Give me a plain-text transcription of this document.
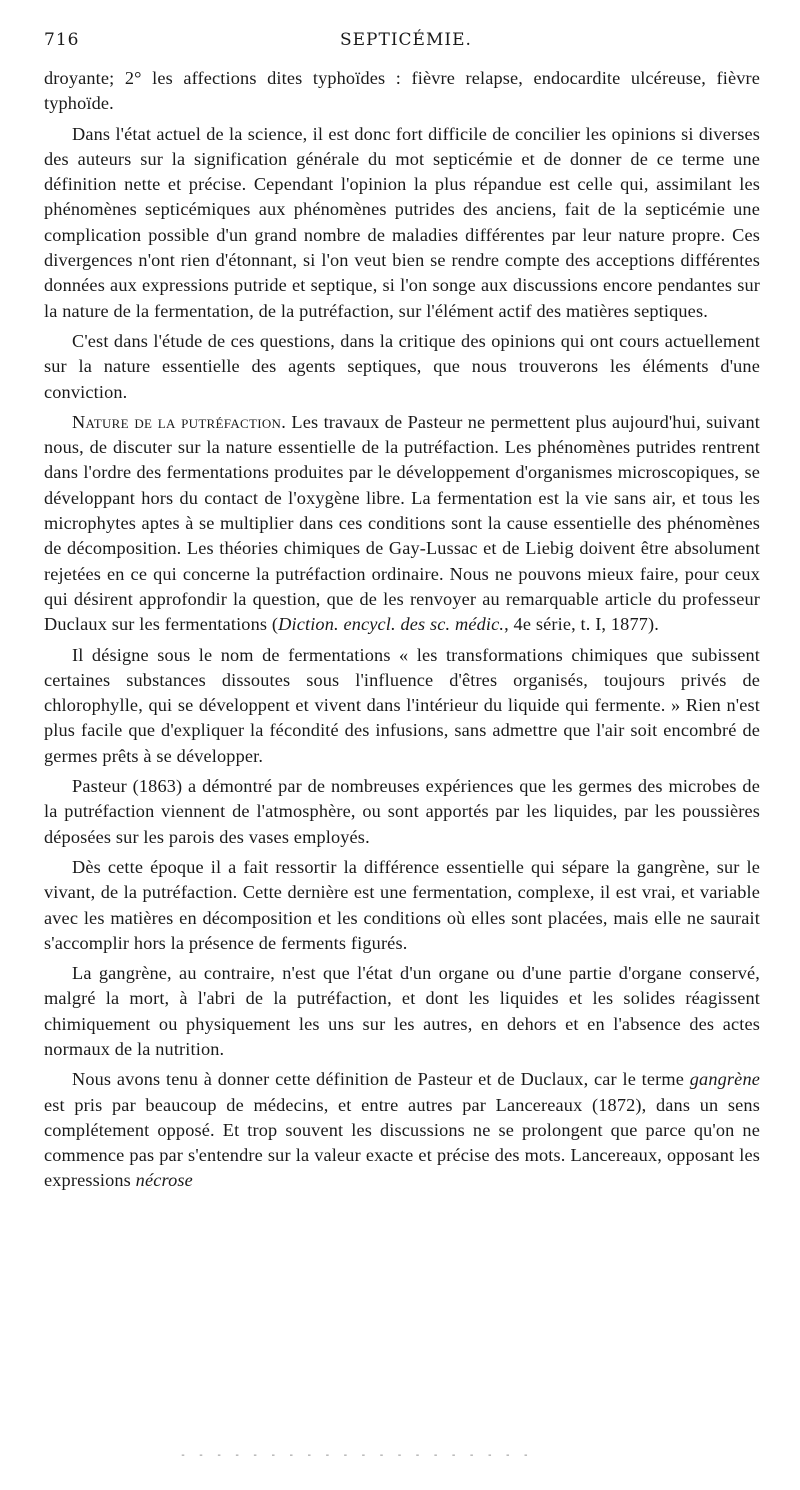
716	SEPTICÉMIE.

droyante; 2° les affections dites typhoïdes : fièvre relapse, endocardite ulcéreuse, fièvre typhoïde.

Dans l'état actuel de la science, il est donc fort difficile de concilier les opinions si diverses des auteurs sur la signification générale du mot septicémie et de donner de ce terme une définition nette et précise. Cependant l'opinion la plus répandue est celle qui, assimilant les phénomènes septicémiques aux phénomènes putrides des anciens, fait de la septicémie une complication possible d'un grand nombre de maladies différentes par leur nature propre. Ces divergences n'ont rien d'étonnant, si l'on veut bien se rendre compte des acceptions différentes données aux expressions putride et septique, si l'on songe aux discussions encore pendantes sur la nature de la fermentation, de la putréfaction, sur l'élément actif des matières septiques.

C'est dans l'étude de ces questions, dans la critique des opinions qui ont cours actuellement sur la nature essentielle des agents septiques, que nous trouverons les éléments d'une conviction.

Nature de la putréfaction. Les travaux de Pasteur ne permettent plus aujourd'hui, suivant nous, de discuter sur la nature essentielle de la putréfaction. Les phénomènes putrides rentrent dans l'ordre des fermentations produites par le développement d'organismes microscopiques, se développant hors du contact de l'oxygène libre. La fermentation est la vie sans air, et tous les microphytes aptes à se multiplier dans ces conditions sont la cause essentielle des phénomènes de décomposition. Les théories chimiques de Gay-Lussac et de Liebig doivent être absolument rejetées en ce qui concerne la putréfaction ordinaire. Nous ne pouvons mieux faire, pour ceux qui désirent approfondir la question, que de les renvoyer au remarquable article du professeur Duclaux sur les fermentations (Diction. encycl. des sc. médic., 4e série, t. I, 1877).

Il désigne sous le nom de fermentations « les transformations chimiques que subissent certaines substances dissoutes sous l'influence d'êtres organisés, toujours privés de chlorophylle, qui se développent et vivent dans l'intérieur du liquide qui fermente. » Rien n'est plus facile que d'expliquer la fécondité des infusions, sans admettre que l'air soit encombré de germes prêts à se développer.

Pasteur (1863) a démontré par de nombreuses expériences que les germes des microbes de la putréfaction viennent de l'atmosphère, ou sont apportés par les liquides, par les poussières déposées sur les parois des vases employés.

Dès cette époque il a fait ressortir la différence essentielle qui sépare la gangrène, sur le vivant, de la putréfaction. Cette dernière est une fermentation, complexe, il est vrai, et variable avec les matières en décomposition et les conditions où elles sont placées, mais elle ne saurait s'accomplir hors la présence de ferments figurés.

La gangrène, au contraire, n'est que l'état d'un organe ou d'une partie d'organe conservé, malgré la mort, à l'abri de la putréfaction, et dont les liquides et les solides réagissent chimiquement ou physiquement les uns sur les autres, en dehors et en l'absence des actes normaux de la nutrition.

Nous avons tenu à donner cette définition de Pasteur et de Duclaux, car le terme gangrène est pris par beaucoup de médecins, et entre autres par Lancereaux (1872), dans un sens complétement opposé. Et trop souvent les discussions ne se prolongent que parce qu'on ne commence pas par s'entendre sur la valeur exacte et précise des mots. Lancereaux, opposant les expressions nécrose

- - - - - - - - - - - - - - - - - - - -
